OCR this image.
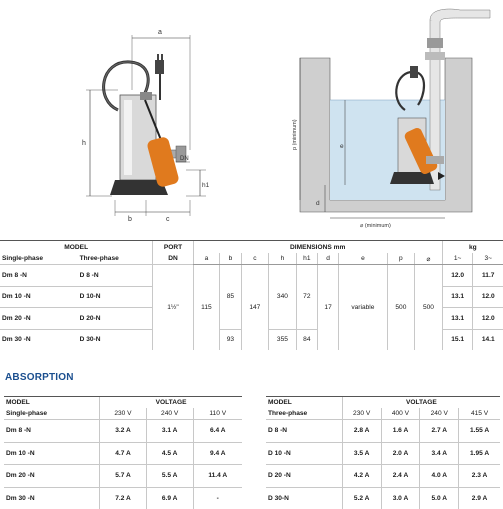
a
h
DN
h1
b	c
p (minimum)	e
d
⌀ (minimum)
MODEL		PORT	DIMENSIONS mm									kg	
Single-phase	Three-phase	DN	a	b	c	h	h1	d	e	p	⌀	1~	3~
Dm 8 -N	D 8 -N	1½"	115	85	147	340	72	17	variable	500	500	12.0	11.7
Dm 10 -N	D 10-N											13.1	12.0
Dm 20 -N	D 20-N											13.1	12.0
Dm 30 -N	D 30-N			93		355	84					15.1	14.1
ABSORPTION
MODEL	VOLTAGE		
Single-phase	230 V	240 V	110 V
Dm 8 -N	3.2 A	3.1 A	6.4 A
Dm 10 -N	4.7 A	4.5 A	9.4 A
Dm 20 -N	5.7 A	5.5 A	11.4 A
Dm 30 -N	7.2 A	6.9 A	-
MODEL	VOLTAGE			
Three-phase	230 V	400 V	240 V	415 V
D 8 -N	2.8 A	1.6 A	2.7 A	1.55 A
D 10 -N	3.5 A	2.0 A	3.4 A	1.95 A
D 20 -N	4.2 A	2.4 A	4.0 A	2.3 A
D 30-N	5.2 A	3.0 A	5.0 A	2.9 A
